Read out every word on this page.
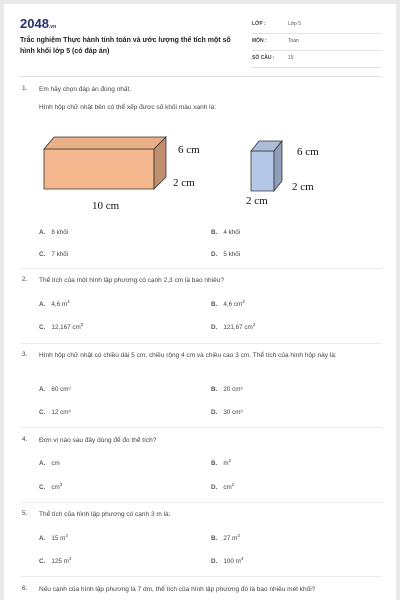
2048.vn
Trắc nghiệm Thực hành tính toán và ước lượng thể tích một số hình khối lớp 5 (có đáp án)
LỚP :	Lớp 5
MÔN :	Toán
SỐ CÂU :	15
1. Em hãy chọn đáp án đúng nhất.
Hình hộp chữ nhật bên có thể xếp được số khối màu xanh là:
6 cm
2 cm
10 cm
6 cm
2 cm
2 cm
A. 8 khối	B. 4 khối
C. 7 khối	D. 5 khối
2. Thể tích của một hình lập phương có cạnh 2,3 cm là bao nhiêu?
A. 4,6 $m^3$	B. 4,6 $cm^2$
C. 12,167 $cm^3$	D. 121,67 $cm^3$
3. Hình hộp chữ nhật có chiều dài 5 cm, chiều rộng 4 cm và chiều cao 3 cm. Thể tích của hình hộp này là:
A. 60 cm³	B. 20 cm³
C. 12 cm³	D. 30 cm³
4. Đơn vị nào sau đây dùng để đo thể tích?
A. cm	B. $m^2$
C. $cm^3$	D. $cm^2$
5. Thể tích của hình lập phương có cạnh 3 m là:
A. 15 $m^3$	B. 27 $m^3$
C. 125 $m^3$	D. 100 $m^3$
6. Nếu cạnh của hình lập phương là 7 dm, thể tích của hình lập phương đó là bao nhiêu mét khối?
